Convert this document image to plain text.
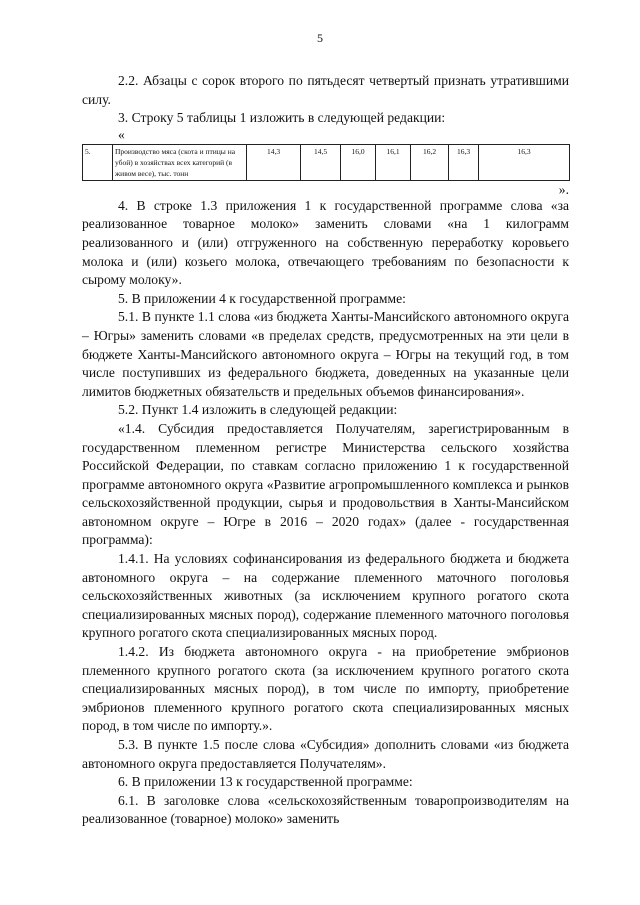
5

2.2. Абзацы с сорок второго по пятьдесят четвертый признать утратившими силу.

3. Строку 5 таблицы 1 изложить в следующей редакции:

«

5.	Производство мяса (скота и птицы на убой) в хозяйствах всех категорий (в живом весе), тыс. тонн	14,3	14,5	16,0	16,1	16,2	16,3	16,3

».

4. В строке 1.3 приложения 1 к государственной программе слова «за реализованное товарное молоко» заменить словами «на 1 килограмм реализованного и (или) отгруженного на собственную переработку коровьего молока и (или) козьего молока, отвечающего требованиям по безопасности к сырому молоку».

5. В приложении 4 к государственной программе:

5.1. В пункте 1.1 слова «из бюджета Ханты-Мансийского автономного округа – Югры» заменить словами «в пределах средств, предусмотренных на эти цели в бюджете Ханты-Мансийского автономного округа – Югры на текущий год, в том числе поступивших из федерального бюджета, доведенных на указанные цели лимитов бюджетных обязательств и предельных объемов финансирования».

5.2. Пункт 1.4 изложить в следующей редакции:

«1.4. Субсидия предоставляется Получателям, зарегистрированным в государственном племенном регистре Министерства сельского хозяйства Российской Федерации, по ставкам согласно приложению 1 к государственной программе автономного округа «Развитие агропромышленного комплекса и рынков сельскохозяйственной продукции, сырья и продовольствия в Ханты-Мансийском автономном округе – Югре в 2016 – 2020 годах» (далее - государственная программа):

1.4.1. На условиях софинансирования из федерального бюджета и бюджета автономного округа – на содержание племенного маточного поголовья сельскохозяйственных животных (за исключением крупного рогатого скота специализированных мясных пород), содержание племенного маточного поголовья крупного рогатого скота специализированных мясных пород.

1.4.2. Из бюджета автономного округа - на приобретение эмбрионов племенного крупного рогатого скота (за исключением крупного рогатого скота специализированных мясных пород), в том числе по импорту, приобретение эмбрионов племенного крупного рогатого скота специализированных мясных пород, в том числе по импорту.».

5.3. В пункте 1.5 после слова «Субсидия» дополнить словами «из бюджета автономного округа предоставляется Получателям».

6. В приложении 13 к государственной программе:

6.1. В заголовке слова «сельскохозяйственным товаропроизводителям на реализованное (товарное) молоко» заменить
